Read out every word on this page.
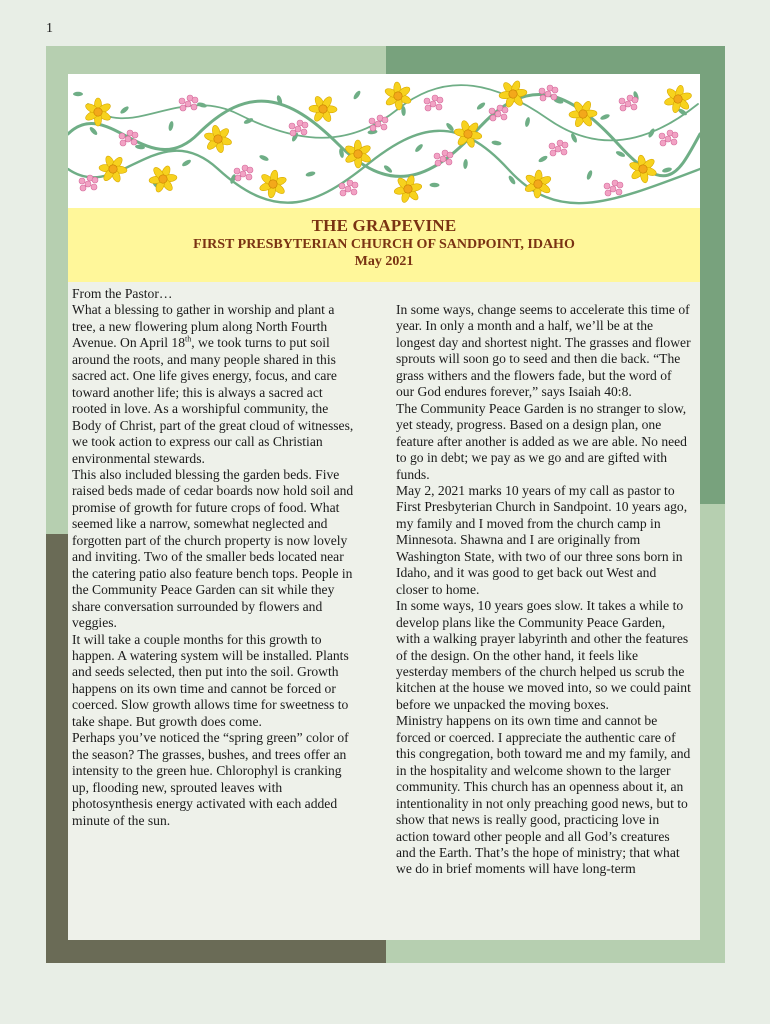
1
THE GRAPEVINE
FIRST PRESBYTERIAN CHURCH OF SANDPOINT, IDAHO
May 2021

From the Pastor…

What a blessing to gather in worship and plant a tree, a new flowering plum along North Fourth Avenue. On April 18th, we took turns to put soil around the roots, and many people shared in this sacred act. One life gives energy, focus, and care toward another life; this is always a sacred act rooted in love. As a worshipful community, the Body of Christ, part of the great cloud of witnesses, we took action to express our call as Christian environmental stewards.

This also included blessing the garden beds. Five raised beds made of cedar boards now hold soil and promise of growth for future crops of food. What seemed like a narrow, somewhat neglected and forgotten part of the church property is now lovely and inviting. Two of the smaller beds located near the catering patio also feature bench tops. People in the Community Peace Garden can sit while they share conversation surrounded by flowers and veggies.

It will take a couple months for this growth to happen. A watering system will be installed. Plants and seeds selected, then put into the soil. Growth happens on its own time and cannot be forced or coerced. Slow growth allows time for sweetness to take shape. But growth does come.

Perhaps you’ve noticed the “spring green” color of the season? The grasses, bushes, and trees offer an intensity to the green hue. Chlorophyl is cranking up, flooding new, sprouted leaves with photosynthesis energy activated with each added minute of the sun.

In some ways, change seems to accelerate this time of year. In only a month and a half, we’ll be at the longest day and shortest night. The grasses and flower sprouts will soon go to seed and then die back. “The grass withers and the flowers fade, but the word of our God endures forever,” says Isaiah 40:8.

The Community Peace Garden is no stranger to slow, yet steady, progress. Based on a design plan, one feature after another is added as we are able. No need to go in debt; we pay as we go and are gifted with funds.

May 2, 2021 marks 10 years of my call as pastor to First Presbyterian Church in Sandpoint. 10 years ago, my family and I moved from the church camp in Minnesota. Shawna and I are originally from Washington State, with two of our three sons born in Idaho, and it was good to get back out West and closer to home.

In some ways, 10 years goes slow. It takes a while to develop plans like the Community Peace Garden, with a walking prayer labyrinth and other the features of the design. On the other hand, it feels like yesterday members of the church helped us scrub the kitchen at the house we moved into, so we could paint before we unpacked the moving boxes.

Ministry happens on its own time and cannot be forced or coerced. I appreciate the authentic care of this congregation, both toward me and my family, and in the hospitality and welcome shown to the larger community. This church has an openness about it, an intentionality in not only preaching good news, but to show that news is really good, practicing love in action toward other people and all God’s creatures and the Earth. That’s the hope of ministry; that what we do in brief moments will have long-term
